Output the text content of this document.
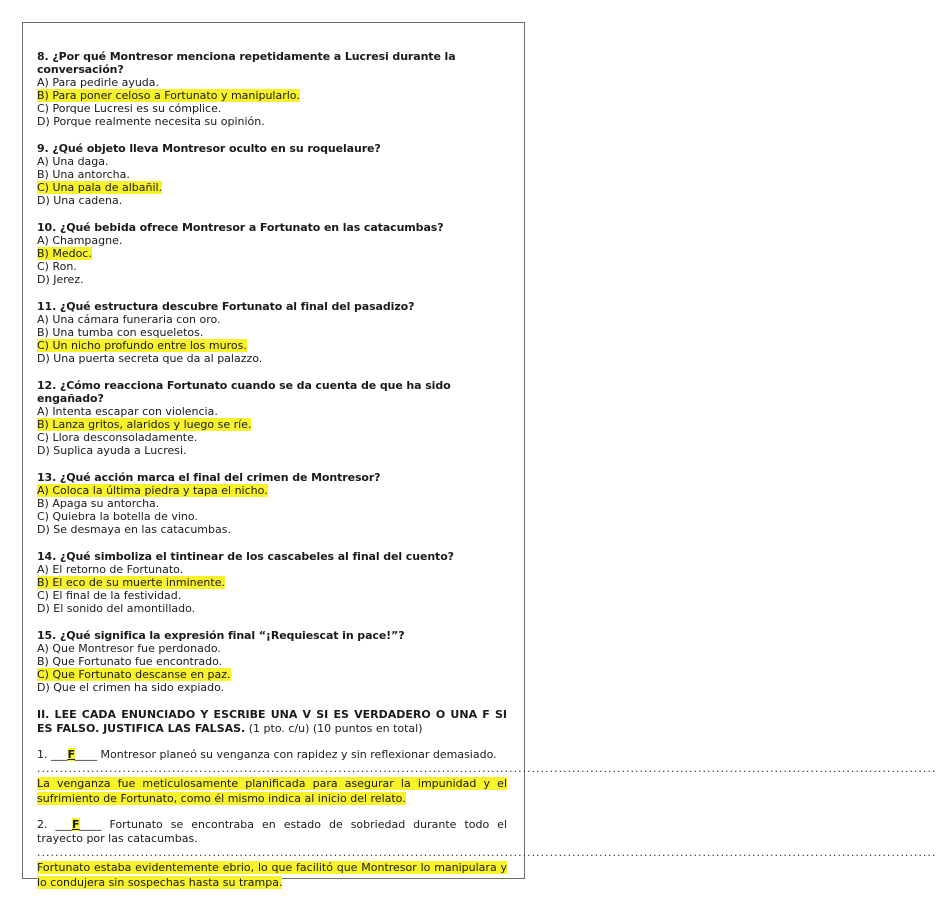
8. ¿Por qué Montresor menciona repetidamente a Lucresi durante la conversación?

A) Para pedirle ayuda.

B) Para poner celoso a Fortunato y manipularlo.

C) Porque Lucresi es su cómplice.

D) Porque realmente necesita su opinión.

9. ¿Qué objeto lleva Montresor oculto en su roquelaure?

A) Una daga.

B) Una antorcha.

C) Una pala de albañil.

D) Una cadena.

10. ¿Qué bebida ofrece Montresor a Fortunato en las catacumbas?

A) Champagne.

B) Medoc.

C) Ron.

D) Jerez.

11. ¿Qué estructura descubre Fortunato al final del pasadizo?

A) Una cámara funeraria con oro.

B) Una tumba con esqueletos.

C) Un nicho profundo entre los muros.

D) Una puerta secreta que da al palazzo.

12. ¿Cómo reacciona Fortunato cuando se da cuenta de que ha sido engañado?

A) Intenta escapar con violencia.

B) Lanza gritos, alaridos y luego se ríe.

C) Llora desconsoladamente.

D) Suplica ayuda a Lucresi.

13. ¿Qué acción marca el final del crimen de Montresor?

A) Coloca la última piedra y tapa el nicho.

B) Apaga su antorcha.

C) Quiebra la botella de vino.

D) Se desmaya en las catacumbas.

14. ¿Qué simboliza el tintinear de los cascabeles al final del cuento?

A) El retorno de Fortunato.

B) El eco de su muerte inminente.

C) El final de la festividad.

D) El sonido del amontillado.

15. ¿Qué significa la expresión final “¡Requiescat in pace!”?

A) Que Montresor fue perdonado.

B) Que Fortunato fue encontrado.

C) Que Fortunato descanse en paz.

D) Que el crimen ha sido expiado.

II. LEE CADA ENUNCIADO Y ESCRIBE UNA V SI ES VERDADERO O UNA F SI ES FALSO. JUSTIFICA LAS FALSAS. (1 pto. c/u) (10 puntos en total)
1. ___F____ Montresor planeó su venganza con rapidez y sin reflexionar demasiado.
........................................................................................................................................................................................................
La venganza fue meticulosamente planificada para asegurar la impunidad y el sufrimiento de Fortunato, como él mismo indica al inicio del relato.
2. ___F____ Fortunato se encontraba en estado de sobriedad durante todo el trayecto por las catacumbas.
........................................................................................................................................................................................................
Fortunato estaba evidentemente ebrio, lo que facilitó que Montresor lo manipulara y lo condujera sin sospechas hasta su trampa.
